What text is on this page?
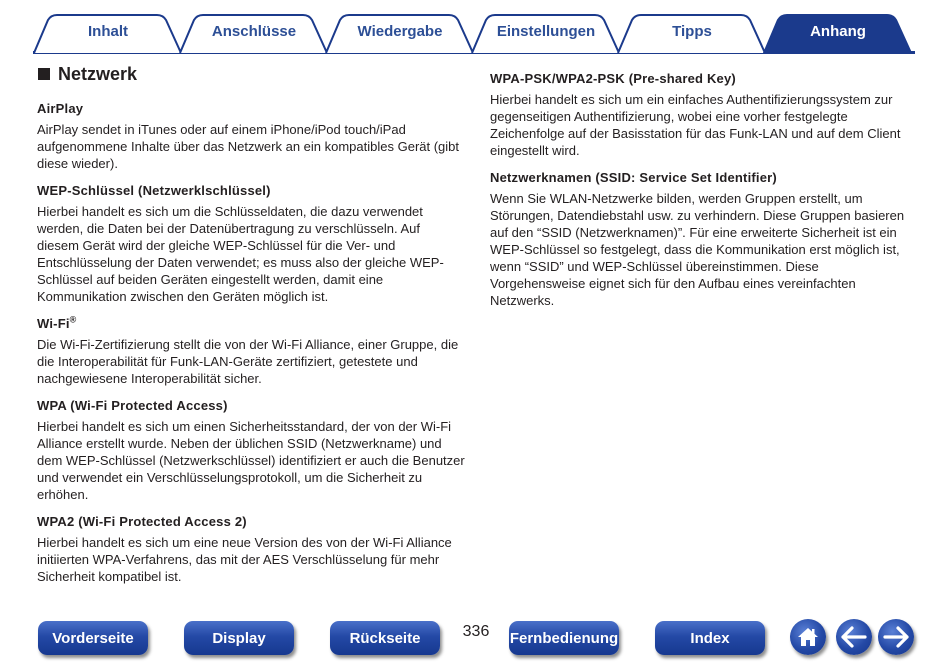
Inhalt	Anschlüsse	Wiedergabe	Einstellungen	Tipps	Anhang
Netzwerk
AirPlay
AirPlay sendet in iTunes oder auf einem iPhone/iPod touch/iPad aufgenommene Inhalte über das Netzwerk an ein kompatibles Gerät (gibt diese wieder).
WEP-Schlüssel (Netzwerklschlüssel)
Hierbei handelt es sich um die Schlüsseldaten, die dazu verwendet werden, die Daten bei der Datenübertragung zu verschlüsseln. Auf diesem Gerät wird der gleiche WEP-Schlüssel für die Ver- und Entschlüsselung der Daten verwendet; es muss also der gleiche WEP-Schlüssel auf beiden Geräten eingestellt werden, damit eine Kommunikation zwischen den Geräten möglich ist.
Wi-Fi®
Die Wi-Fi-Zertifizierung stellt die von der Wi-Fi Alliance, einer Gruppe, die die Interoperabilität für Funk-LAN-Geräte zertifiziert, getestete und nachgewiesene Interoperabilität sicher.
WPA (Wi-Fi Protected Access)
Hierbei handelt es sich um einen Sicherheitsstandard, der von der Wi-Fi Alliance erstellt wurde. Neben der üblichen SSID (Netzwerkname) und dem WEP-Schlüssel (Netzwerkschlüssel) identifiziert er auch die Benutzer und verwendet ein Verschlüsselungsprotokoll, um die Sicherheit zu erhöhen.
WPA2 (Wi-Fi Protected Access 2)
Hierbei handelt es sich um eine neue Version des von der Wi-Fi Alliance initiierten WPA-Verfahrens, das mit der AES Verschlüsselung für mehr Sicherheit kompatibel ist.
WPA-PSK/WPA2-PSK (Pre-shared Key)
Hierbei handelt es sich um ein einfaches Authentifizierungssystem zur gegenseitigen Authentifizierung, wobei eine vorher festgelegte Zeichenfolge auf der Basisstation für das Funk-LAN und auf dem Client eingestellt wird.
Netzwerknamen (SSID: Service Set Identifier)
Wenn Sie WLAN-Netzwerke bilden, werden Gruppen erstellt, um Störungen, Datendiebstahl usw. zu verhindern. Diese Gruppen basieren auf den “SSID (Netzwerknamen)”. Für eine erweiterte Sicherheit ist ein WEP-Schlüssel so festgelegt, dass die Kommunikation erst möglich ist, wenn “SSID” und WEP-Schlüssel übereinstimmen. Diese Vorgehensweise eignet sich für den Aufbau eines vereinfachten Netzwerks.
Vorderseite	Display	Rückseite	336	Fernbedienung	Index
